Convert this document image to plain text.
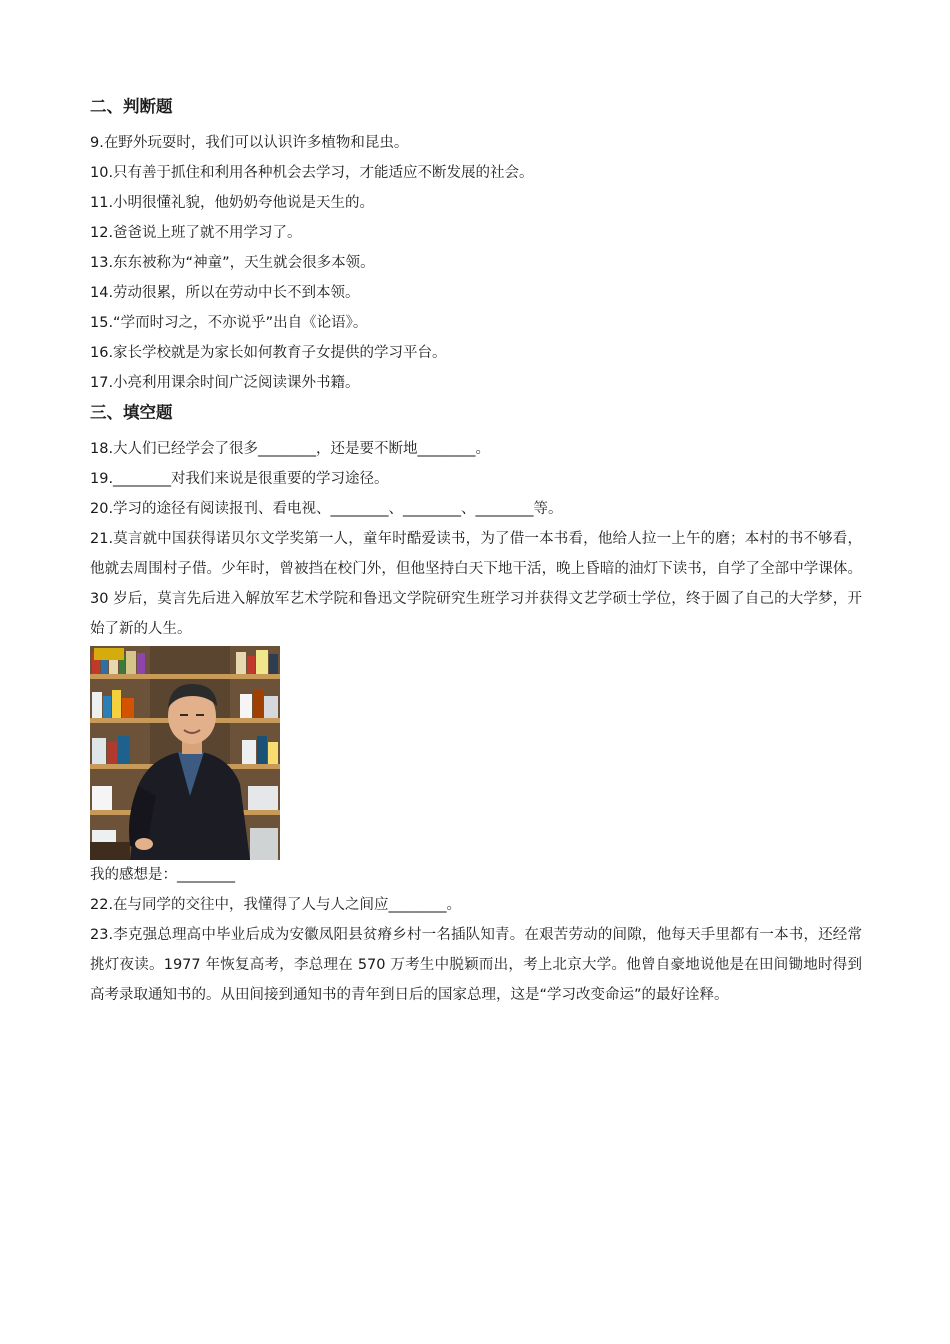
二、判断题
9.在野外玩耍时，我们可以认识许多植物和昆虫。
10.只有善于抓住和利用各种机会去学习，才能适应不断发展的社会。
11.小明很懂礼貌，他奶奶夸他说是天生的。
12.爸爸说上班了就不用学习了。
13.东东被称为“神童”，天生就会很多本领。
14.劳动很累，所以在劳动中长不到本领。
15.“学而时习之，不亦说乎”出自《论语》。
16.家长学校就是为家长如何教育子女提供的学习平台。
17.小亮利用课余时间广泛阅读课外书籍。
三、填空题
18.大人们已经学会了很多________，还是要不断地________。
19.________对我们来说是很重要的学习途径。
20.学习的途径有阅读报刊、看电视、________、________、________等。
21.莫言就中国获得诺贝尔文学奖第一人，童年时酷爱读书，为了借一本书看，他给人拉一上午的磨；本村的书不够看，他就去周围村子借。少年时，曾被挡在校门外，但他坚持白天下地干活，晚上昏暗的油灯下读书，自学了全部中学课体。30 岁后，莫言先后进入解放军艺术学院和鲁迅文学院研究生班学习并获得文艺学硕士学位，终于圆了自己的大学梦，开始了新的人生。
我的感想是：________
22.在与同学的交往中，我懂得了人与人之间应________。
23.李克强总理高中毕业后成为安徽凤阳县贫瘠乡村一名插队知青。在艰苦劳动的间隙，他每天手里都有一本书，还经常挑灯夜读。1977 年恢复高考，李总理在 570 万考生中脱颖而出，考上北京大学。他曾自豪地说他是在田间锄地时得到高考录取通知书的。从田间接到通知书的青年到日后的国家总理，这是“学习改变命运”的最好诠释。
